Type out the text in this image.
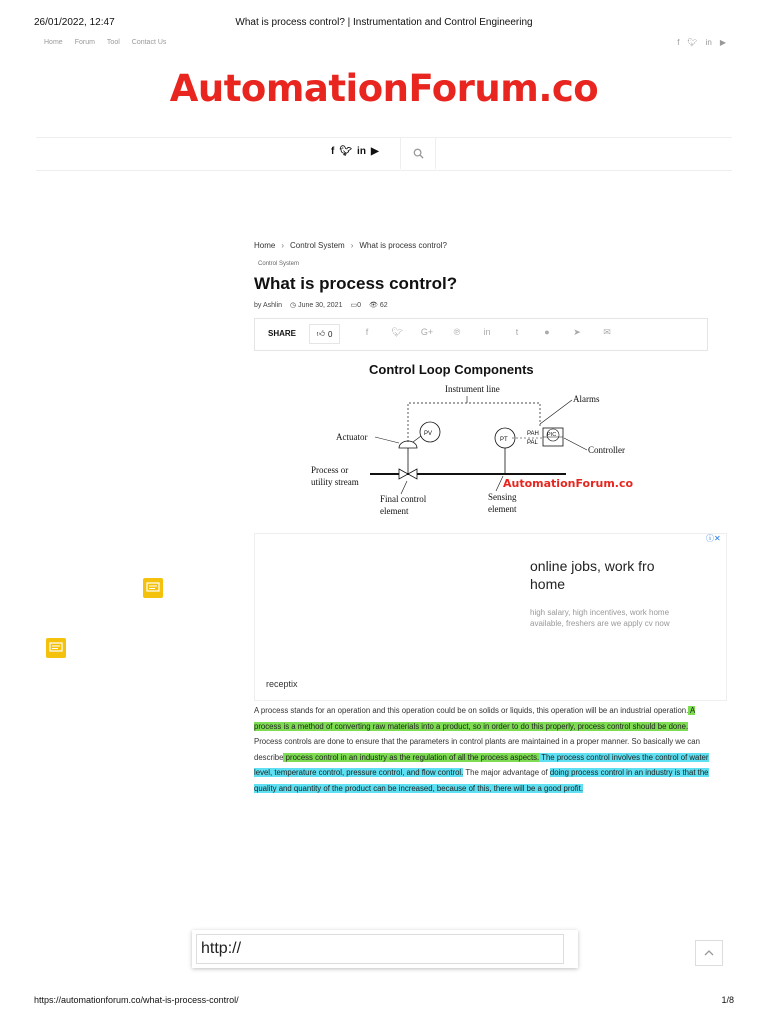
26/01/2022, 12:47	What is process control? | Instrumentation and Control Engineering
https://automationforum.co/what-is-process-control/	1/8
Home Forum Tool Contact Us	f 🐦︎ in ▶
AutomationForum.co
f 🐦︎ in ▶
Home › Control System › What is process control?
Control System
What is process control?
by Ashlin ◷ June 30, 2021 ▭0 👁︎ 62
SHARE	👍︎ 0	f	🐦︎	G+	℗	in	t	●	➤	✉
Control Loop Components
Instrument line
Alarms
PAH
PAL
PIC
Controller
PV
Actuator	PT
Process or
utility stream
Final control
element
Sensing
element
AutomationForum.co
ⓘ✕
online jobs, work fro
home
high salary, high incentives, work home available, freshers are we apply cv now
receptix

A process stands for an operation and this operation could be on solids or liquids, this operation will be an industrial operation. A process is a method of converting raw materials into a product, so in order to do this properly, process control should be done. Process controls are done to ensure that the parameters in control plants are maintained in a proper manner. So basically we can describe process control in an industry as the regulation of all the process aspects. The process control involves the control of water level, temperature control, pressure control, and flow control. The major advantage of doing process control in an industry is that the quality and quantity of the product can be increased, because of this, there will be a good profit.

http://
